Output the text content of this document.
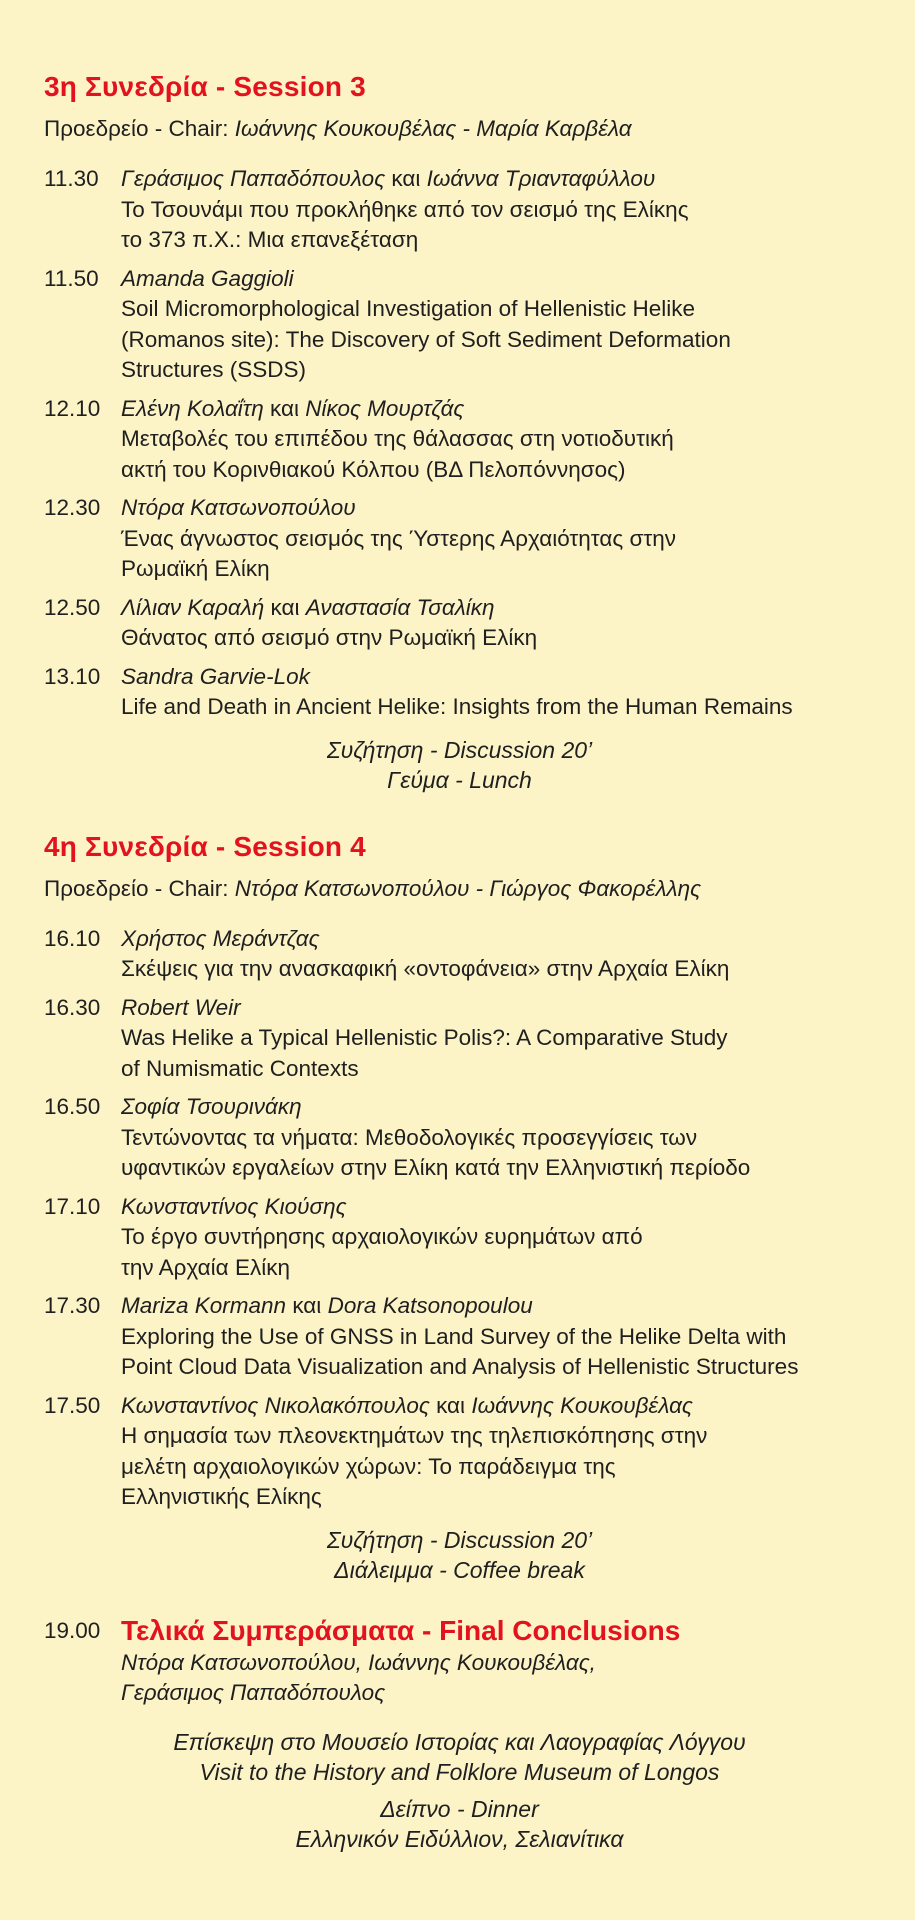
3η Συνεδρία - Session 3

Προεδρείο - Chair: Ιωάννης Κουκουβέλας - Μαρία Καρβέλα

11.30 Γεράσιμος Παπαδόπουλος και Ιωάννα Τριανταφύλλου
Το Τσουνάμι που προκλήθηκε από τον σεισμό της Ελίκης
το 373 π.Χ.: Μια επανεξέταση
11.50 Amanda Gaggioli
Soil Micromorphological Investigation of Hellenistic Helike
(Romanos site): The Discovery of Soft Sediment Deformation
Structures (SSDS)
12.10 Ελένη Κολαΐτη και Νίκος Μουρτζάς
Μεταβολές του επιπέδου της θάλασσας στη νοτιοδυτική
ακτή του Κορινθιακού Κόλπου (ΒΔ Πελοπόννησος)
12.30 Ντόρα Κατσωνοπούλου
Ένας άγνωστος σεισμός της Ύστερης Αρχαιότητας στην
Ρωμαϊκή Ελίκη
12.50 Λίλιαν Καραλή και Αναστασία Τσαλίκη
Θάνατος από σεισμό στην Ρωμαϊκή Ελίκη
13.10 Sandra Garvie-Lok
Life and Death in Ancient Helike: Insights from the Human Remains
Συζήτηση - Discussion 20’
Γεύμα - Lunch
4η Συνεδρία - Session 4

Προεδρείο - Chair: Ντόρα Κατσωνοπούλου - Γιώργος Φακορέλλης

16.10 Χρήστος Μεράντζας
Σκέψεις για την ανασκαφική «οντοφάνεια» στην Αρχαία Ελίκη
16.30 Robert Weir
Was Helike a Typical Hellenistic Polis?: A Comparative Study
of Numismatic Contexts
16.50 Σοφία Τσουρινάκη
Τεντώνοντας τα νήματα: Μεθοδολογικές προσεγγίσεις των
υφαντικών εργαλείων στην Ελίκη κατά την Ελληνιστική περίοδο
17.10 Κωνσταντίνος Κιούσης
Το έργο συντήρησης αρχαιολογικών ευρημάτων από
την Αρχαία Ελίκη
17.30 Mariza Kormann και Dora Katsonopoulou
Exploring the Use of GNSS in Land Survey of the Helike Delta with
Point Cloud Data Visualization and Analysis of Hellenistic Structures
17.50 Κωνσταντίνος Νικολακόπουλος και Ιωάννης Κουκουβέλας
Η σημασία των πλεονεκτημάτων της τηλεπισκόπησης στην
μελέτη αρχαιολογικών χώρων: Το παράδειγμα της
Ελληνιστικής Ελίκης
Συζήτηση - Discussion 20’
Διάλειμμα - Coffee break
19.00 Τελικά Συμπεράσματα - Final Conclusions
Ντόρα Κατσωνοπούλου, Ιωάννης Κουκουβέλας,
Γεράσιμος Παπαδόπουλος
Επίσκεψη στο Μουσείο Ιστορίας και Λαογραφίας Λόγγου
Visit to the History and Folklore Museum of Longos
Δείπνο - Dinner
Ελληνικόν Ειδύλλιον, Σελιανίτικα
